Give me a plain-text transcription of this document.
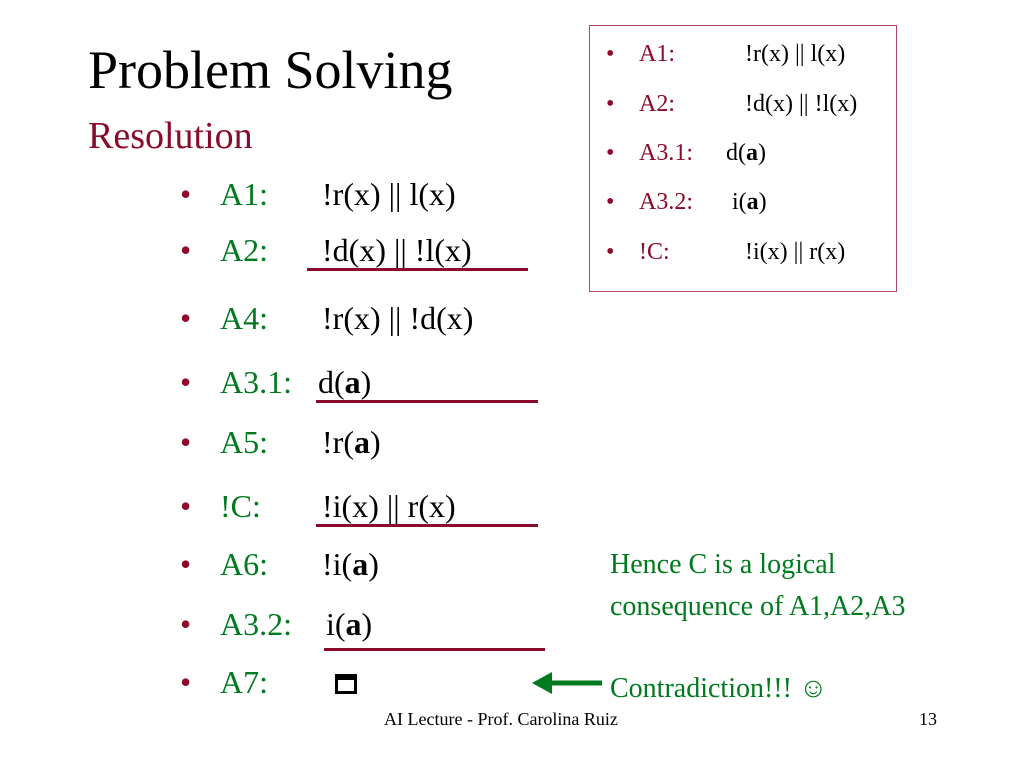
Problem Solving
Resolution
• A1: !r(x) || l(x)
• A2: !d(x) || !l(x)
• A4: !r(x) || !d(x)
• A3.1: d(a)
• A5: !r(a)
• !C: !i(x) || r(x)
• A6: !i(a)
• A3.2: i(a)
• A7:
•	A1:	!r(x) || l(x)
•	A2:	!d(x) || !l(x)
•	A3.1: d(a)
•	A3.2: i(a)
•	!C:	!i(x) || r(x)
Hence C is a logical
consequence of A1,A2,A3
Contradiction!!! ☺
AI Lecture - Prof. Carolina Ruiz	13
